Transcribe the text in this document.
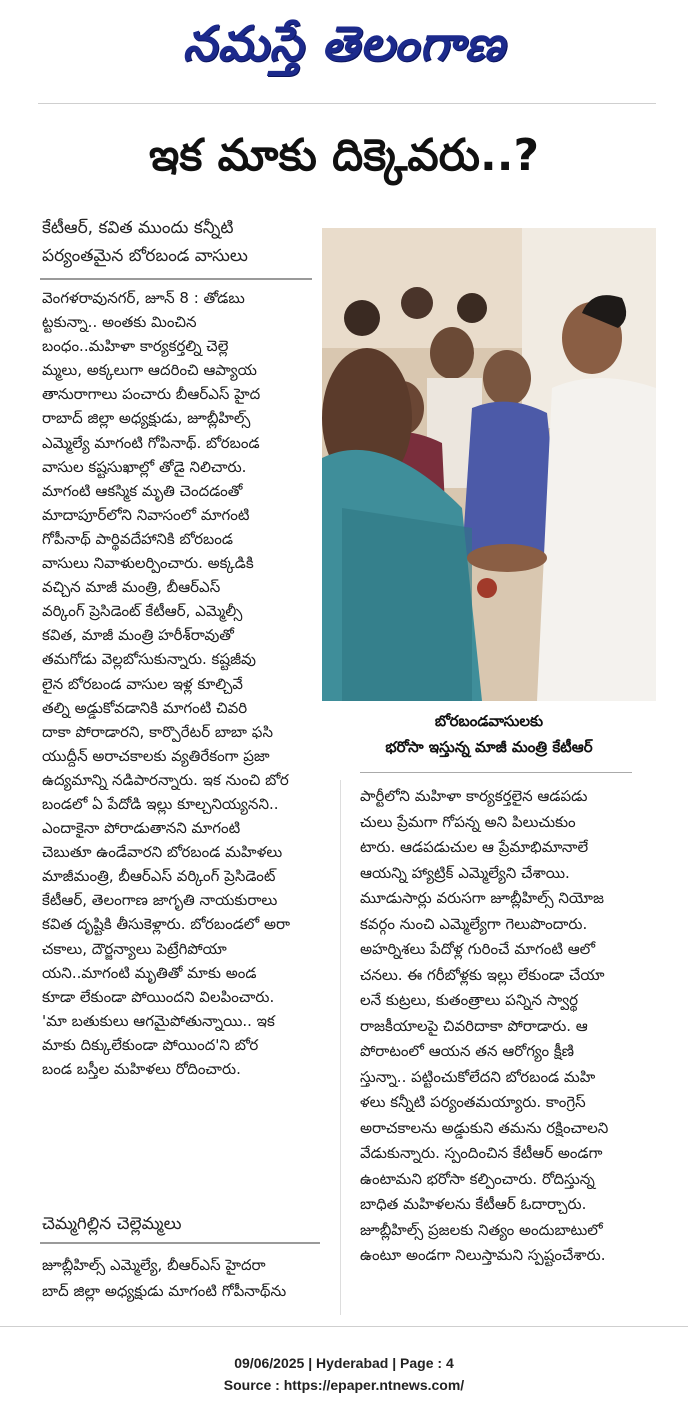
నమస్తే తెలంగాణ
ఇక మాకు దిక్కెవరు..?
కేటీఆర్, కవిత ముందు కన్నీటి
పర్యంతమైన బోరబండ వాసులు
వెంగళరావునగర్, జూన్ 8 : తోడబు
ట్టకున్నా.. అంతకు మించిన
బంధం..మహిళా కార్యకర్తల్ని చెల్లె
మ్మలు, అక్కలుగా ఆదరించి ఆప్యాయ
తానురాగాలు పంచారు బీఆర్ఎస్ హైద
రాబాద్ జిల్లా అధ్యక్షుడు, జూబ్లీహిల్స్
ఎమ్మెల్యే మాగంటి గోపినాథ్. బోరబండ
వాసుల కష్టసుఖాల్లో తోడై నిలిచారు.
మాగంటి ఆకస్మిక మృతి చెందడంతో
మాదాపూర్‌లోని నివాసంలో మాగంటి
గోపీనాథ్ పార్థివదేహానికి బోరబండ
వాసులు నివాళులర్పించారు. అక్కడికి
వచ్చిన మాజీ మంత్రి, బీఆర్ఎస్
వర్కింగ్ ప్రెసిడెంట్ కేటీఆర్, ఎమ్మెల్సీ
కవిత, మాజీ మంత్రి హరీశ్‌రావుతో
తమగోడు వెల్లబోసుకున్నారు. కష్టజీవు
లైన బోరబండ వాసుల ఇళ్ల కూల్చివే
తల్ని అడ్డుకోవడానికి మాగంటి చివరి
దాకా పోరాడారని, కార్పొరేటర్ బాబా ఫసి
యుద్దీన్ అరాచకాలకు వ్యతిరేకంగా ప్రజా
ఉద్యమాన్ని నడిపారన్నారు. ఇక నుంచి బోర
బండలో ఏ పేదోడి ఇల్లు కూల్చనియ్యనని..
ఎందాకైనా పోరాడుతానని మాగంటి
చెబుతూ ఉండేవారని బోరబండ మహిళలు
మాజీమంత్రి, బీఆర్ఎస్ వర్కింగ్ ప్రెసిడెంట్
కేటీఆర్, తెలంగాణ జాగృతి నాయకురాలు
కవిత దృష్టికి తీసుకెళ్లారు. బోరబండలో అరా
చకాలు, దౌర్జన్యాలు పెట్రేగిపోయా
యని..మాగంటి మృతితో మాకు అండ
కూడా లేకుండా పోయిందని విలపించారు.
'మా బతుకులు ఆగమైపోతున్నాయి.. ఇక
మాకు దిక్కులేకుండా పోయింద'ని బోర
బండ బస్తీల మహిళలు రోదించారు.
బోరబండవాసులకు
భరోసా ఇస్తున్న మాజీ మంత్రి కేటీఆర్
పార్టీలోని మహిళా కార్యకర్తలైన ఆడపడు
చులు ప్రేమగా గోపన్న అని పిలుచుకుం
టారు. ఆడపడుచుల ఆ ప్రేమాభిమానాలే
ఆయన్ని హ్యాట్రిక్ ఎమ్మెల్యేని చేశాయి.
మూడుసార్లు వరుసగా జూబ్లీహిల్స్ నియోజ
కవర్గం నుంచి ఎమ్మెల్యేగా గెలుపొందారు.
అహర్నిశలు పేదోళ్ల గురించే మాగంటి ఆలో
చనలు. ఈ గరీబోళ్లకు ఇల్లు లేకుండా చేయా
లనే కుట్రలు, కుతంత్రాలు పన్నిన స్వార్థ
రాజకీయాలపై చివరిదాకా పోరాడారు. ఆ
పోరాటంలో ఆయన తన ఆరోగ్యం క్షీణి
స్తున్నా.. పట్టించుకోలేదని బోరబండ మహి
ళలు కన్నీటి పర్యంతమయ్యారు. కాంగ్రెస్
అరాచకాలను అడ్డుకుని తమను రక్షించాలని
వేడుకున్నారు. స్పందించిన కేటీఆర్ అండగా
ఉంటామని భరోసా కల్పించారు. రోదిస్తున్న
బాధిత మహిళలను కేటీఆర్ ఓదార్చారు.
జూబ్లీహిల్స్ ప్రజలకు నిత్యం అందుబాటులో
ఉంటూ అండగా నిలుస్తామని స్పష్టంచేశారు.
చెమ్మగిల్లిన చెల్లెమ్మలు
జూబ్లీహిల్స్ ఎమ్మెల్యే, బీఆర్ఎస్ హైదరా
బాద్ జిల్లా అధ్యక్షుడు మాగంటి గోపీనాథ్‌ను
09/06/2025 | Hyderabad | Page : 4
Source : https://epaper.ntnews.com/
